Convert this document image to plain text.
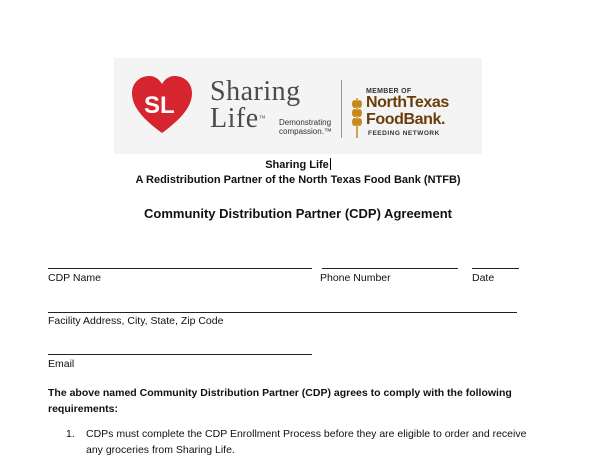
SL Sharing
Life™	Demonstrating compassion.™
MEMBER OF
NorthTexas
FoodBank.
FEEDING NETWORK
Sharing Life
A Redistribution Partner of the North Texas Food Bank (NTFB)
Community Distribution Partner (CDP) Agreement
CDP Name	Phone Number	Date
Facility Address, City, State, Zip Code
Email
The above named Community Distribution Partner (CDP) agrees to comply with the following requirements:
1. CDPs must complete the CDP Enrollment Process before they are eligible to order and receive any groceries from Sharing Life.
